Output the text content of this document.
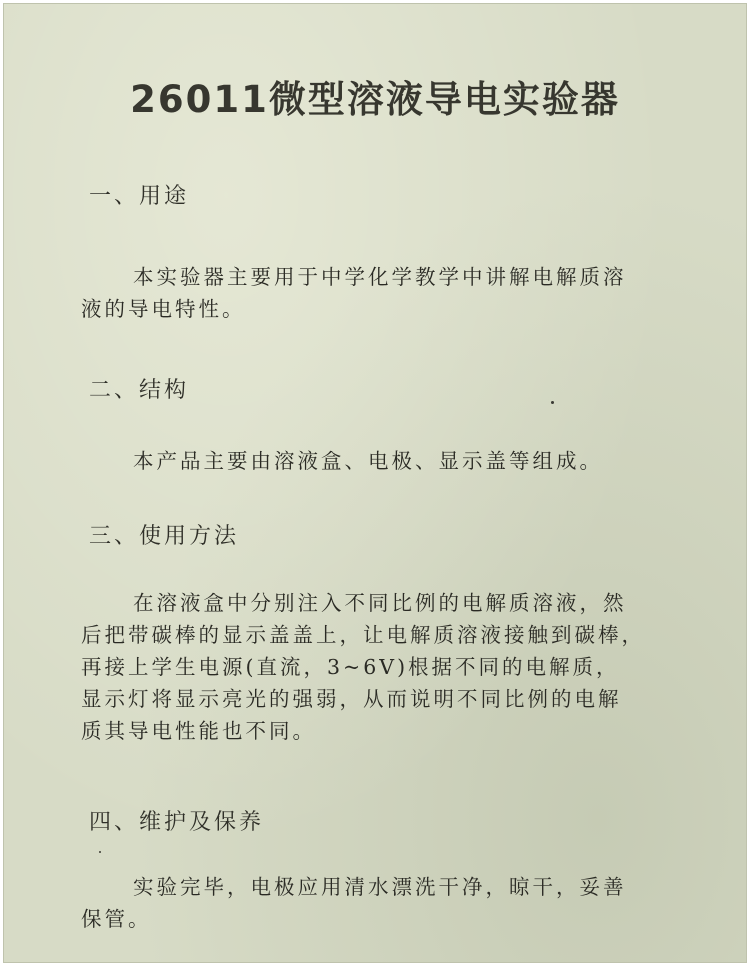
26011微型溶液导电实验器
一、用途
本实验器主要用于中学化学教学中讲解电解质溶
液的导电特性。
二、结构
本产品主要由溶液盒、电极、显示盖等组成。
三、使用方法
在溶液盒中分别注入不同比例的电解质溶液，然
后把带碳棒的显示盖盖上，让电解质溶液接触到碳棒，
再接上学生电源(直流，3~6V)根据不同的电解质，
显示灯将显示亮光的强弱，从而说明不同比例的电解
质其导电性能也不同。
四、维护及保养
实验完毕，电极应用清水漂洗干净，晾干，妥善
保管。
